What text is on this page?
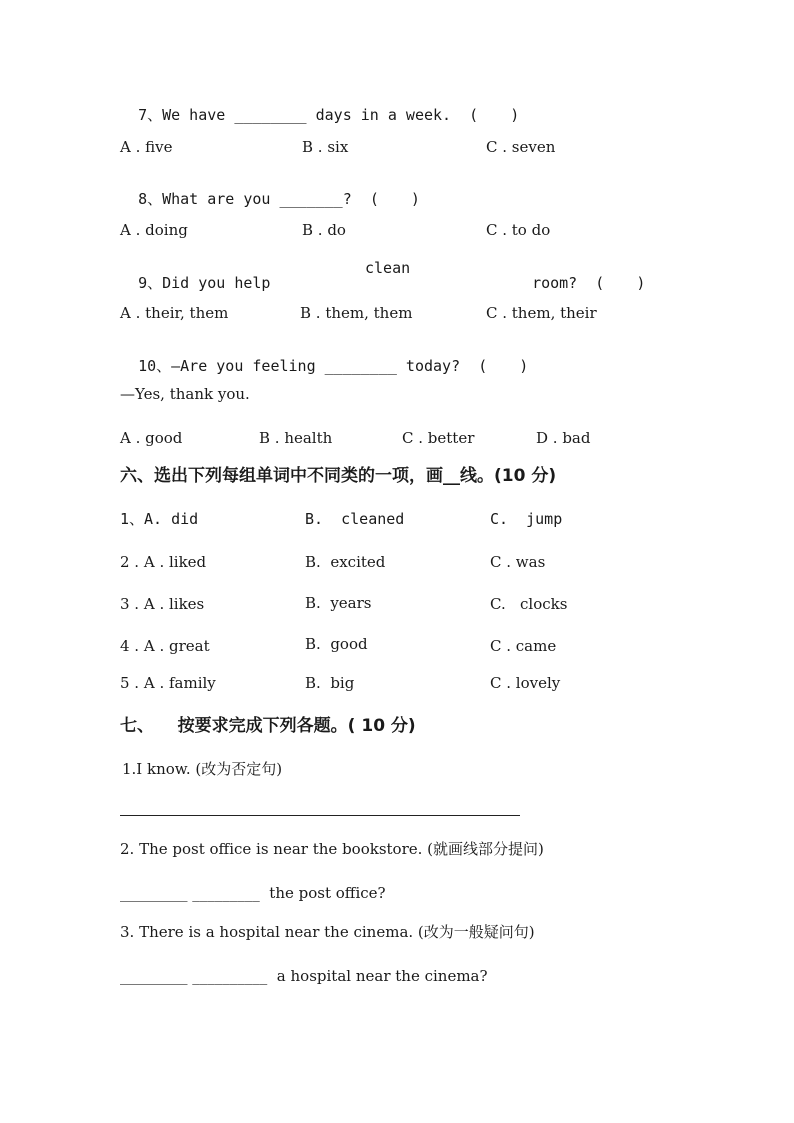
7、We have ________ days in a week. ( )

A . five	B . six	C . seven

8、What are you _______? ( )

A . doing	B . do	C . to do

9、Did you help

clean

room? ( )

A . their, them	B . them, them	C . them, their

10、—Are you feeling ________ today? ( )

—Yes, thank you.
A . good	B . health	C . better	D . bad
六、选出下列每组单词中不同类的一项，画__线。(10 分)
1、A. did	B.  cleaned	C.  jump
2 . A . liked	B.  excited	C . was
3 . A . likes	B.  years	C.   clocks
4 . A . great	B.  good	C . came
5 . A . family	B.  big	C . lovely
七、    按要求完成下列各题。( 10 分)
1.I know. (改为否定句)
2. The post office is near the bookstore. (就画线部分提问)
_________ _________  the post office?
3. There is a hospital near the cinema. (改为一般疑问句)
_________ __________  a hospital near the cinema?
